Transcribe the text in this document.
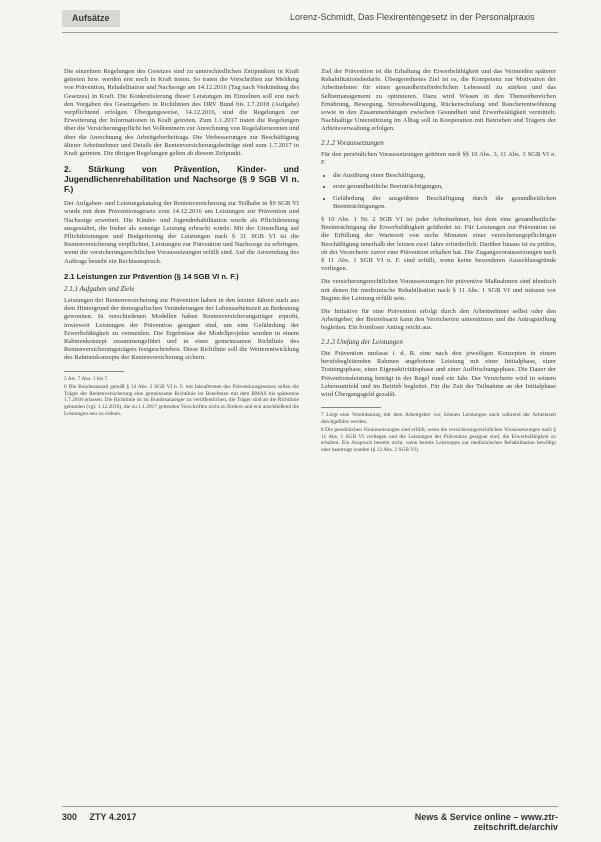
Aufsätze	Lorenz-Schmidt, Das Flexirentengesetz in der Personalpraxis

Die einzelnen Regelungen des Gesetzes sind zu unterschiedlichen Zeitpunkten in Kraft getreten bzw. werden erst noch in Kraft treten. So traten die Vorschriften zur Meldung von Prävention, Rehabilitation und Nachsorge am 14.12.2016 (Tag nach Verkündung des Gesetzes) in Kraft. Die Konkretisierung dieser Leistungen im Einzelnen soll erst nach den Vorgaben des Gesetzgebers in Richtlinien des DRV Bund bis 1.7.2018 (Aufgabe) verpflichtend erfolgen. Übergangsweise, 14.12.2016, sind die Regelungen zur Erweiterung der Informationen in Kraft getreten. Zum 1.1.2017 traten die Regelungen über die Versicherungspflicht bei Vollrentnern zur Anrechnung von Regelaltersrenten und über die Anrechnung des Arbeitgeberbeitrags. Die Verbesserungen zur Beschäftigung älterer Arbeitnehmer und Details der Rentenversicherungsbeiträge sind zum 1.7.2017 in Kraft getreten. Die übrigen Regelungen gelten ab diesem Zeitpunkt.

2. Stärkung von Prävention, Kinder- und Jugendlichenrehabilitation und Nachsorge (§ 9 SGB VI n. F.)

Der Aufgaben- und Leistungskatalog der Rentenversicherung zur Teilhabe in §9 SGB VI wurde mit dem Präventionsgesetz vom 14.12.2016 um Leistungen zur Prävention und Nachsorge erweitert. Die Kinder- und Jugendrehabilitation wurde als Pflichtleistung ausgestaltet, die bisher als sonstige Leistung erbracht wurde. Mit der Umstellung auf Pflichtleistungen und Budgetierung der Leistungen nach § 31 SGB VI ist die Rentenversicherung verpflichtet, Leistungen zur Prävention und Nachsorge zu erbringen, wenn die versicherungsrechtlichen Voraussetzungen erfüllt sind. Auf die Anwendung des Auftrags besteht ein Rechtsanspruch.

2.1 Leistungen zur Prävention (§ 14 SGB VI n. F.)
2.1.1 Aufgaben und Ziele

Leistungen der Rentenversicherung zur Prävention haben in den letzten Jahren auch aus dem Hintergrund der demografischen Veränderungen der Lebensarbeitszeit an Bedeutung gewonnen. In verschiedenen Modellen haben Rentenversicherungsträger erprobt, inwieweit Leistungen der Prävention geeignet sind, um eine Gefährdung der Erwerbsfähigkeit zu vermeiden. Die Ergebnisse der Modellprojekte wurden in einem Rahmenkonzept zusammengeführt und in einer gemeinsamen Richtlinie des Rentenversicherungsträgers festgeschrieben. Diese Richtlinie soll die Weiterentwicklung des Rahmenkonzepts der Rentenversicherung sichern.

5 Art. 7 Abs. 1 bis 7.
6 Die Bundesanstalt gemäß § 14 Abs. 2 SGB VI n. F. mit Inkrafttreten des Präventionsgesetzes sollen die Träger der Rentenversicherung eine gemeinsame Richtlinie im Benehmen mit dem BMAS bis spätestens 1.7.2018 erlassen. Die Richtlinie ist im Bundesanzeiger zu veröffentlichen, die Träger sind an die Richtlinie gebunden (vgl. 1.12.2016), die zu 1.1.2017 geltenden Vorschriften nicht zu fördern und erst anschließend die Leistungen neu zu ordnen.

Ziel der Prävention ist die Erhaltung der Erwerbsfähigkeit und das Vermeiden späterer Rehabilitationsbedarfe. Übergeordnetes Ziel ist es, die Kompetenz zur Motivation der Arbeitnehmer für einen gesundheitsförderlichen Lebensstil zu stärken und das Selbstmanagement zu optimieren. Dazu wird Wissen in den Themenbereichen Ernährung, Bewegung, Stressbewältigung, Rückenschulung und Raucherentwöhnung sowie in den Zusammenhängen zwischen Gesundheit und Erwerbstätigkeit vermittelt. Nachhaltige Unterstützung im Alltag soll in Kooperation mit Betrieben und Trägern der Arbeitsverwaltung erfolgen.

2.1.2 Voraussetzungen

Für den persönlichen Voraussetzungen gehören nach §§ 10 Abs. 3, 11 Abs. 3 SGB VI n. F.

• die Ausübung einer Beschäftigung,
• erste gesundheitliche Beeinträchtigungen,
• Gefährdung der ausgeübten Beschäftigung durch die gesundheitlichen Beeinträchtigungen.

§ 10 Abs. 1 Nr. 2 SGB VI ist jeder Arbeitnehmer, bei dem eine gesundheitliche Beeinträchtigung die Erwerbsfähigkeit gefährdet ist. Für Leistungen zur Prävention ist die Erfüllung der Wartezeit von sechs Monaten einer versicherungspflichtigen Beschäftigung innerhalb der letzten zwei Jahre erforderlich. Darüber hinaus ist zu prüfen, ob der Versicherte zuvor eine Prävention erhalten hat. Die Zugangsvoraussetzungen nach § 11 Abs. 1 SGB VI n. F. sind erfüllt, wenn keine besonderen Ausschlussgründe vorliegen.

Die versicherungsrechtlichen Voraussetzungen für präventive Maßnahmen sind identisch mit denen für medizinische Rehabilitation nach § 11 Abs. 1 SGB VI und müssen vor Beginn der Leistung erfüllt sein.

Die Initiative für eine Prävention erfolgt durch den Arbeitnehmer selbst oder den Arbeitgeber, der Betriebsarzt kann den Versicherten unterstützen und die Antragstellung begleiten. Ein formloser Antrag reicht aus.

2.1.3 Umfang der Leistungen

Die Prävention umfasst i. d. R. eine nach den jeweiligen Konzepten in einem berufsbegleitenden Rahmen angebotene Leistung mit einer Initialphase, einer Trainingsphase, einer Eigenaktivitätsphase und einer Auffrischungsphase. Die Dauer der Präventionsleistung beträgt in der Regel rund ein Jahr. Der Versicherte wird in seinem Lebensumfeld und im Betrieb begleitet. Für die Zeit der Teilnahme an der Initialphase wird Übergangsgeld gezahlt.

7 Liegt eine Vereinbarung mit dem Arbeitgeber vor, können Leistungen auch während der Arbeitszeit durchgeführt werden.
8 Die persönlichen Voraussetzungen sind erfüllt, wenn die versicherungsrechtlichen Voraussetzungen nach § 11 Abs. 1 SGB VI vorliegen und die Leistungen der Prävention geeignet sind, die Erwerbsfähigkeit zu erhalten. Ein Anspruch besteht nicht, wenn bereits Leistungen zur medizinischen Rehabilitation bewilligt oder beantragt wurden (§ 12 Abs. 2 SGB VI).
300 ZTY 4.2017	News & Service online – www.ztr-zeitschrift.de/archiv
